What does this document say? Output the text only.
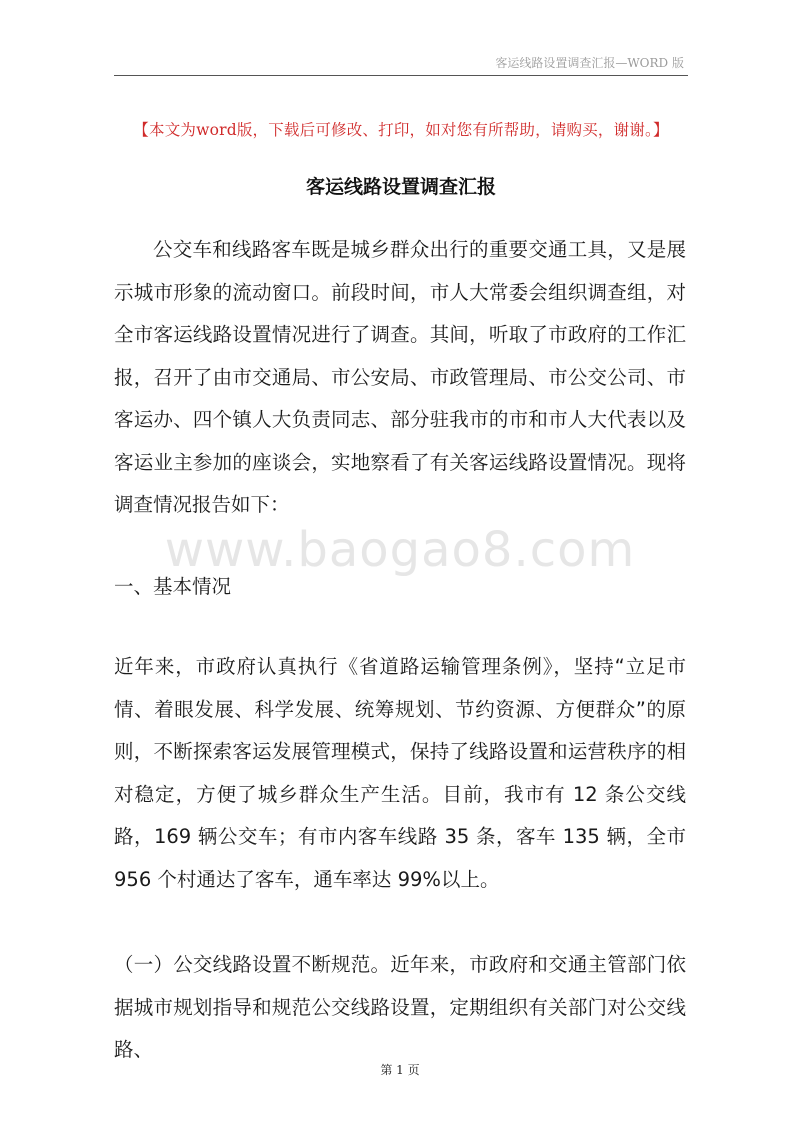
客运线路设置调查汇报—WORD 版
【本文为word版，下载后可修改、打印，如对您有所帮助，请购买，谢谢。】
客运线路设置调查汇报
公交车和线路客车既是城乡群众出行的重要交通工具，又是展示城市形象的流动窗口。前段时间，市人大常委会组织调查组，对全市客运线路设置情况进行了调查。其间，听取了市政府的工作汇报，召开了由市交通局、市公安局、市政管理局、市公交公司、市客运办、四个镇人大负责同志、部分驻我市的市和市人大代表以及客运业主参加的座谈会，实地察看了有关客运线路设置情况。现将调查情况报告如下：
www.baogao8.com
一、基本情况
近年来，市政府认真执行《省道路运输管理条例》，坚持“立足市情、着眼发展、科学发展、统筹规划、节约资源、方便群众”的原则，不断探索客运发展管理模式，保持了线路设置和运营秩序的相对稳定，方便了城乡群众生产生活。目前，我市有 12 条公交线路，169 辆公交车；有市内客车线路 35 条，客车 135 辆，全市 956 个村通达了客车，通车率达 99%以上。
（一）公交线路设置不断规范。近年来，市政府和交通主管部门依据城市规划指导和规范公交线路设置，定期组织有关部门对公交线路、
第 1 页
